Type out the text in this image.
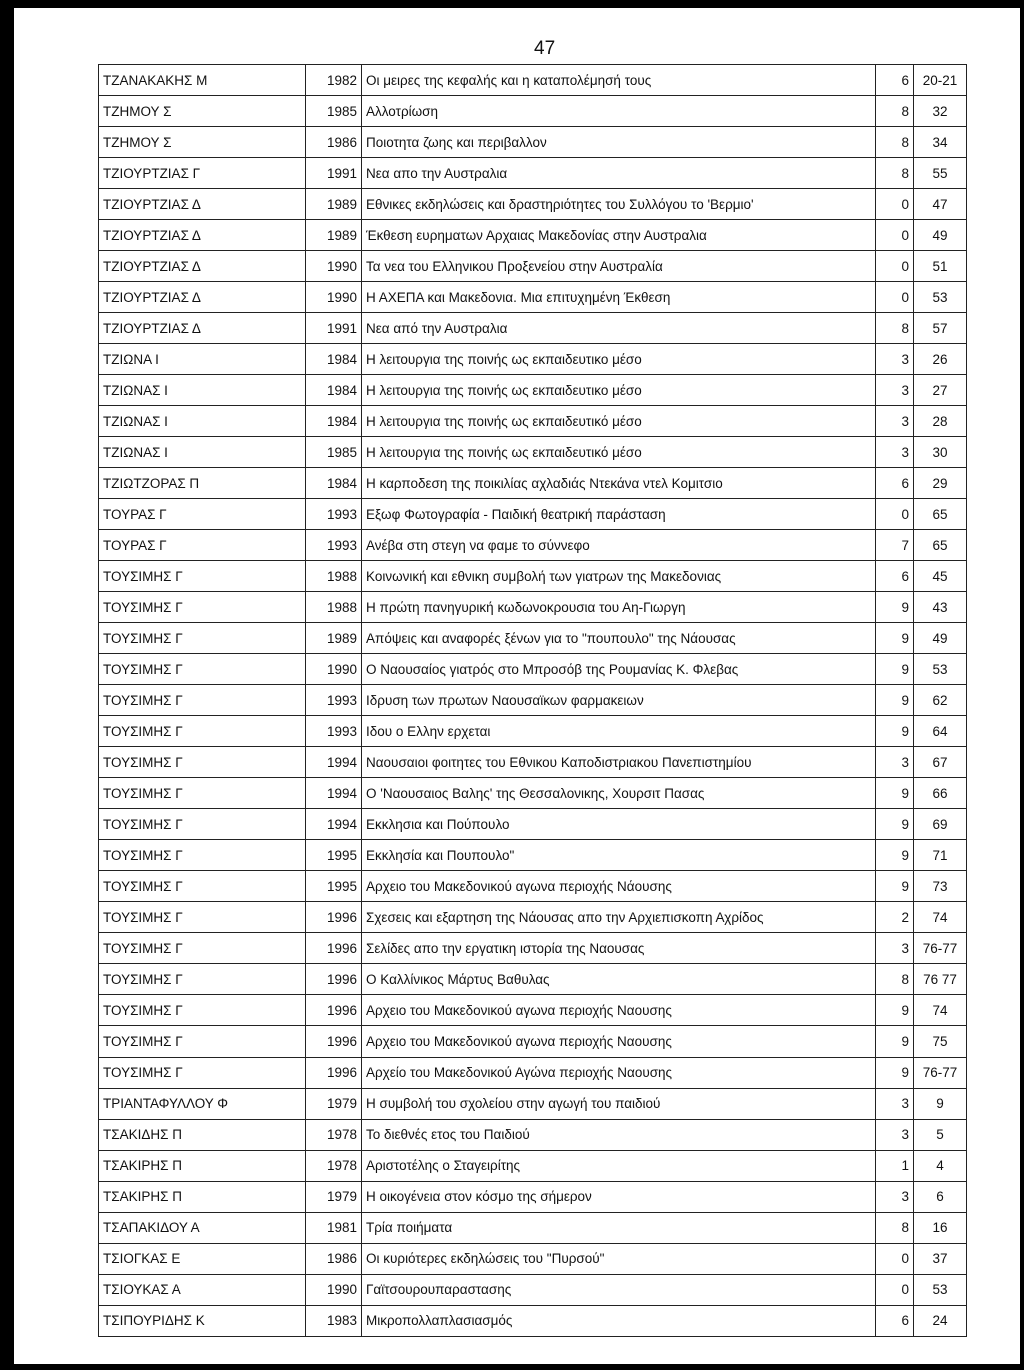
47
ΤΖΑΝΑΚΑΚΗΣ Μ	1982	Οι μειρες της κεφαλής και η καταπολέμησή τους	6	20-21
ΤΖΗΜΟΥ Σ	1985	Αλλοτρίωση	8	32
ΤΖΗΜΟΥ Σ	1986	Ποιοτητα ζωης και περιβαλλον	8	34
ΤΖΙΟΥΡΤΖΙΑΣ Γ	1991	Νεα απο την Αυστραλια	8	55
ΤΖΙΟΥΡΤΖΙΑΣ Δ	1989	Εθνικες εκδηλώσεις και δραστηριότητες του Συλλόγου το 'Βερμιο'	0	47
ΤΖΙΟΥΡΤΖΙΑΣ Δ	1989	Έκθεση ευρηματων Αρχαιας Μακεδονίας στην Αυστραλια	0	49
ΤΖΙΟΥΡΤΖΙΑΣ Δ	1990	Τα νεα του Ελληνικου Προξενείου στην Αυστραλία	0	51
ΤΖΙΟΥΡΤΖΙΑΣ Δ	1990	Η ΑΧΕΠΑ και Μακεδονια. Μια επιτυχημένη Έκθεση	0	53
ΤΖΙΟΥΡΤΖΙΑΣ Δ	1991	Νεα από την Αυστραλια	8	57
ΤΖΙΩΝΑ Ι	1984	Η λειτουργια της ποινής ως εκπαιδευτικο μέσο	3	26
ΤΖΙΩΝΑΣ Ι	1984	Η λειτουργια της ποινής ως εκπαιδευτικο μέσο	3	27
ΤΖΙΩΝΑΣ Ι	1984	Η λειτουργια της ποινής ως εκπαιδευτικό μέσο	3	28
ΤΖΙΩΝΑΣ Ι	1985	Η λειτουργια της ποινής ως εκπαιδευτικό μέσο	3	30
ΤΖΙΩΤΖΟΡΑΣ Π	1984	Η καρποδεση της ποικιλίας αχλαδιάς Ντεκάνα ντελ Κομιτσιο	6	29
ΤΟΥΡΑΣ Γ	1993	Εξωφ Φωτογραφία - Παιδική θεατρική παράσταση	0	65
ΤΟΥΡΑΣ Γ	1993	Ανέβα στη στεγη να φαμε το σύννεφο	7	65
ΤΟΥΣΙΜΗΣ Γ	1988	Κοινωνική και εθνικη συμβολή των γιατρων της Μακεδονιας	6	45
ΤΟΥΣΙΜΗΣ Γ	1988	Η πρώτη πανηγυρική κωδωνοκρουσια του Αη-Γιωργη	9	43
ΤΟΥΣΙΜΗΣ Γ	1989	Απόψεις και αναφορές ξένων για το "πουπουλο" της Νάουσας	9	49
ΤΟΥΣΙΜΗΣ Γ	1990	Ο Ναουσαίος γιατρός στο Μπροσόβ της Ρουμανίας Κ. Φλεβας	9	53
ΤΟΥΣΙΜΗΣ Γ	1993	Ιδρυση των πρωτων Ναουσαϊκων φαρμακειων	9	62
ΤΟΥΣΙΜΗΣ Γ	1993	Ιδου ο Ελλην ερχεται	9	64
ΤΟΥΣΙΜΗΣ Γ	1994	Ναουσαιοι φοιτητες του Εθνικου Καποδιστριακου Πανεπιστημίου	3	67
ΤΟΥΣΙΜΗΣ Γ	1994	Ο 'Ναουσαιος Βαλης' της Θεσσαλονικης, Χουρσιτ Πασας	9	66
ΤΟΥΣΙΜΗΣ Γ	1994	Εκκλησια και Πούπουλο	9	69
ΤΟΥΣΙΜΗΣ Γ	1995	Εκκλησία και Πουπουλο"	9	71
ΤΟΥΣΙΜΗΣ Γ	1995	Αρχειο του Μακεδονικού αγωνα περιοχής Νάουσης	9	73
ΤΟΥΣΙΜΗΣ Γ	1996	Σχεσεις και εξαρτηση της Νάουσας απο την Αρχιεπισκοπη Αχρίδος	2	74
ΤΟΥΣΙΜΗΣ Γ	1996	Σελίδες απο την εργατικη ιστορία της Ναουσας	3	76-77
ΤΟΥΣΙΜΗΣ Γ	1996	Ο Καλλίνικος Μάρτυς Βαθυλας	8	76 77
ΤΟΥΣΙΜΗΣ Γ	1996	Αρχειο του Μακεδονικού αγωνα περιοχής Ναουσης	9	74
ΤΟΥΣΙΜΗΣ Γ	1996	Αρχειο του Μακεδονικού αγωνα περιοχής Ναουσης	9	75
ΤΟΥΣΙΜΗΣ Γ	1996	Αρχείο του Μακεδονικού Αγώνα περιοχής Ναουσης	9	76-77
ΤΡΙΑΝΤΑΦΥΛΛΟΥ Φ	1979	Η συμβολή του σχολείου στην αγωγή του παιδιού	3	9
ΤΣΑΚΙΔΗΣ Π	1978	Το διεθνές ετος του Παιδιού	3	5
ΤΣΑΚΙΡΗΣ Π	1978	Αριστοτέλης ο Σταγειρίτης	1	4
ΤΣΑΚΙΡΗΣ Π	1979	Η οικογένεια στον κόσμο της σήμερον	3	6
ΤΣΑΠΑΚΙΔΟΥ Α	1981	Τρία ποιήματα	8	16
ΤΣΙΟΓΚΑΣ Ε	1986	Οι κυριότερες εκδηλώσεις του "Πυρσού"	0	37
ΤΣΙΟΥΚΑΣ Α	1990	Γαϊτσουρουπαραστασης	0	53
ΤΣΙΠΟΥΡΙΔΗΣ Κ	1983	Μικροπολλαπλασιασμός	6	24
